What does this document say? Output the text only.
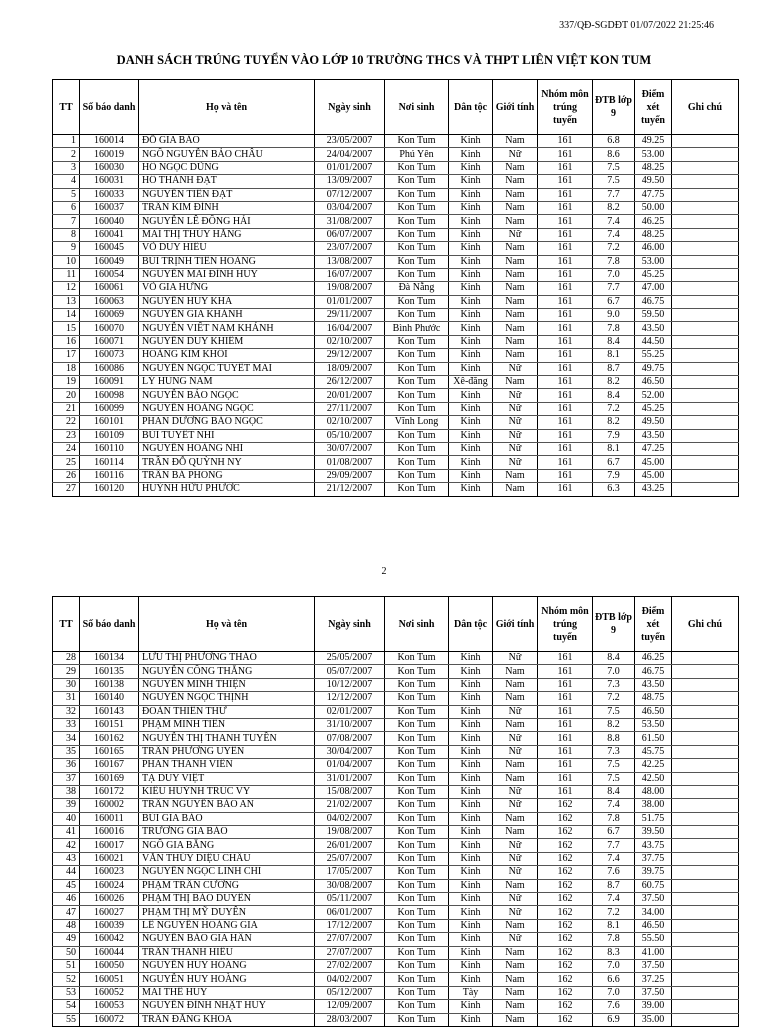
337/QĐ-SGDĐT 01/07/2022 21:25:46
DANH SÁCH TRÚNG TUYỂN VÀO LỚP 10 TRƯỜNG THCS VÀ THPT LIÊN VIỆT KON TUM
TT	Số báo danh	Họ và tên	Ngày sinh	Nơi sinh	Dân tộc	Giới tính	Nhóm môn trúng tuyển	ĐTB lớp 9	Điểm xét tuyển	Ghi chú
1	160014	ĐỖ GIA BẢO	23/05/2007	Kon Tum	Kinh	Nam	161	6.8	49.25	
2	160019	NGÔ NGUYỄN BẢO CHÂU	24/04/2007	Phú Yên	Kinh	Nữ	161	8.6	53.00	
3	160030	HỒ NGỌC DŨNG	01/01/2007	Kon Tum	Kinh	Nam	161	7.5	48.25	
4	160031	HỒ THÀNH ĐẠT	13/09/2007	Kon Tum	Kinh	Nam	161	7.5	49.50	
5	160033	NGUYỄN TIẾN ĐẠT	07/12/2007	Kon Tum	Kinh	Nam	161	7.7	47.75	
6	160037	TRẦN KIM ĐỈNH	03/04/2007	Kon Tum	Kinh	Nam	161	8.2	50.00	
7	160040	NGUYỄN LÊ ĐÔNG HẢI	31/08/2007	Kon Tum	Kinh	Nam	161	7.4	46.25	
8	160041	MAI THỊ THÚY HẰNG	06/07/2007	Kon Tum	Kinh	Nữ	161	7.4	48.25	
9	160045	VÕ DUY HIẾU	23/07/2007	Kon Tum	Kinh	Nam	161	7.2	46.00	
10	160049	BÙI TRỊNH TIẾN HOÀNG	13/08/2007	Kon Tum	Kinh	Nam	161	7.8	53.00	
11	160054	NGUYỄN MAI ĐÌNH HUY	16/07/2007	Kon Tum	Kinh	Nam	161	7.0	45.25	
12	160061	VÕ GIA HƯNG	19/08/2007	Đà Nẵng	Kinh	Nam	161	7.7	47.00	
13	160063	NGUYỄN HUY KHA	01/01/2007	Kon Tum	Kinh	Nam	161	6.7	46.75	
14	160069	NGUYỄN GIA KHÁNH	29/11/2007	Kon Tum	Kinh	Nam	161	9.0	59.50	
15	160070	NGUYỄN VIẾT NAM KHÁNH	16/04/2007	Bình Phước	Kinh	Nam	161	7.8	43.50	
16	160071	NGUYỄN DUY KHIÊM	02/10/2007	Kon Tum	Kinh	Nam	161	8.4	44.50	
17	160073	HOÀNG KIM KHÔI	29/12/2007	Kon Tum	Kinh	Nam	161	8.1	55.25	
18	160086	NGUYỄN NGỌC TUYẾT MAI	18/09/2007	Kon Tum	Kinh	Nữ	161	8.7	49.75	
19	160091	LÝ HÙNG NAM	26/12/2007	Kon Tum	Xê-đăng	Nam	161	8.2	46.50	
20	160098	NGUYỄN BẢO NGỌC	20/01/2007	Kon Tum	Kinh	Nữ	161	8.4	52.00	
21	160099	NGUYỄN HOÀNG NGỌC	27/11/2007	Kon Tum	Kinh	Nữ	161	7.2	45.25	
22	160101	PHAN DƯƠNG BẢO NGỌC	02/10/2007	Vĩnh Long	Kinh	Nữ	161	8.2	49.50	
23	160109	BÙI TUYẾT NHI	05/10/2007	Kon Tum	Kinh	Nữ	161	7.9	43.50	
24	160110	NGUYỄN HOÀNG NHI	30/07/2007	Kon Tum	Kinh	Nữ	161	8.1	47.25	
25	160114	TRẦN ĐỖ QUỲNH NY	01/08/2007	Kon Tum	Kinh	Nữ	161	6.7	45.00	
26	160116	TRẦN BÁ PHONG	29/09/2007	Kon Tum	Kinh	Nam	161	7.9	45.00	
27	160120	HUỲNH HỮU PHƯỚC	21/12/2007	Kon Tum	Kinh	Nam	161	6.3	43.25	
2
TT	Số báo danh	Họ và tên	Ngày sinh	Nơi sinh	Dân tộc	Giới tính	Nhóm môn trúng tuyển	ĐTB lớp 9	Điểm xét tuyển	Ghi chú
28	160134	LƯU THỊ PHƯƠNG THẢO	25/05/2007	Kon Tum	Kinh	Nữ	161	8.4	46.25	
29	160135	NGUYỄN CÔNG THẮNG	05/07/2007	Kon Tum	Kinh	Nam	161	7.0	46.75	
30	160138	NGUYỄN MINH THIỆN	10/12/2007	Kon Tum	Kinh	Nam	161	7.3	43.50	
31	160140	NGUYỄN NGỌC THỊNH	12/12/2007	Kon Tum	Kinh	Nam	161	7.2	48.75	
32	160143	ĐOÀN THIÊN THƯ	02/01/2007	Kon Tum	Kinh	Nữ	161	7.5	46.50	
33	160151	PHẠM MINH TIẾN	31/10/2007	Kon Tum	Kinh	Nam	161	8.2	53.50	
34	160162	NGUYỄN THỊ THANH TUYỀN	07/08/2007	Kon Tum	Kinh	Nữ	161	8.8	61.50	
35	160165	TRẦN PHƯƠNG UYÊN	30/04/2007	Kon Tum	Kinh	Nữ	161	7.3	45.75	
36	160167	PHAN THANH VIÊN	01/04/2007	Kon Tum	Kinh	Nam	161	7.5	42.25	
37	160169	TẠ DUY VIỆT	31/01/2007	Kon Tum	Kinh	Nam	161	7.5	42.50	
38	160172	KIỀU HUỲNH TRÚC VY	15/08/2007	Kon Tum	Kinh	Nữ	161	8.4	48.00	
39	160002	TRẦN NGUYỄN BẢO AN	21/02/2007	Kon Tum	Kinh	Nữ	162	7.4	38.00	
40	160011	BÙI GIA BẢO	04/02/2007	Kon Tum	Kinh	Nam	162	7.8	51.75	
41	160016	TRƯƠNG GIA BẢO	19/08/2007	Kon Tum	Kinh	Nam	162	6.7	39.50	
42	160017	NGÔ GIA BẰNG	26/01/2007	Kon Tum	Kinh	Nữ	162	7.7	43.75	
43	160021	VĂN THỦY DIỆU CHÂU	25/07/2007	Kon Tum	Kinh	Nữ	162	7.4	37.75	
44	160023	NGUYỄN NGỌC LINH CHI	17/05/2007	Kon Tum	Kinh	Nữ	162	7.6	39.75	
45	160024	PHẠM TRẦN CƯỜNG	30/08/2007	Kon Tum	Kinh	Nam	162	8.7	60.75	
46	160026	PHẠM THỊ BẢO DUYÊN	05/11/2007	Kon Tum	Kinh	Nữ	162	7.4	37.50	
47	160027	PHẠM THỊ MỸ DUYÊN	06/01/2007	Kon Tum	Kinh	Nữ	162	7.2	34.00	
48	160039	LÊ NGUYỄN HOÀNG GIA	17/12/2007	Kon Tum	Kinh	Nam	162	8.1	46.50	
49	160042	NGUYỄN BẢO GIA HÂN	27/07/2007	Kon Tum	Kinh	Nữ	162	7.8	55.50	
50	160044	TRẦN THANH HIẾU	27/07/2007	Kon Tum	Kinh	Nam	162	8.3	41.00	
51	160050	NGUYỄN HUY HOÀNG	27/02/2007	Kon Tum	Kinh	Nam	162	7.0	37.50	
52	160051	NGUYỄN HUY HOÀNG	04/02/2007	Kon Tum	Kinh	Nam	162	6.6	37.25	
53	160052	MAI THẾ HUY	05/12/2007	Kon Tum	Tày	Nam	162	7.0	37.50	
54	160053	NGUYỄN ĐÌNH NHẬT HUY	12/09/2007	Kon Tum	Kinh	Nam	162	7.6	39.00	
55	160072	TRẦN ĐĂNG KHOA	28/03/2007	Kon Tum	Kinh	Nam	162	6.9	35.00	
